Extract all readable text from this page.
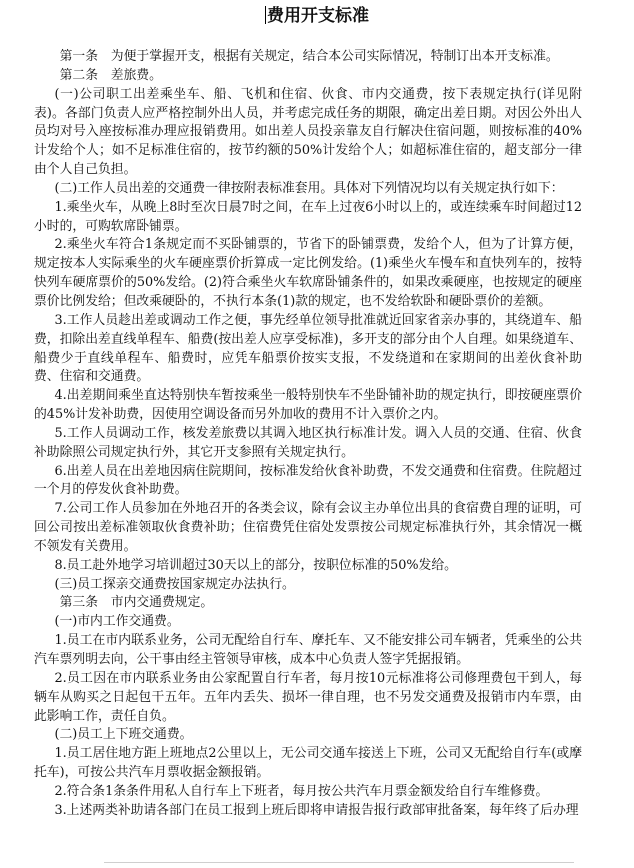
费用开支标准

第一条　为便于掌握开支，根据有关规定，结合本公司实际情况，特制订出本开支标准。

第二条　差旅费。

(一)公司职工出差乘坐车、船、飞机和住宿、伙食、市内交通费，按下表规定执行(详见附表)。各部门负责人应严格控制外出人员，并考虑完成任务的期限，确定出差日期。对因公外出人员均对号入座按标准办理应报销费用。如出差人员投亲靠友自行解决住宿问题，则按标准的40%计发给个人；如不足标准住宿的，按节约额的50%计发给个人；如超标准住宿的，超支部分一律由个人自己负担。

(二)工作人员出差的交通费一律按附表标准套用。具体对下列情况均以有关规定执行如下：

1.乘坐火车，从晚上8时至次日晨7时之间，在车上过夜6小时以上的，或连续乘车时间超过12小时的，可购软席卧铺票。

2.乘坐火车符合1条规定而不买卧铺票的，节省下的卧铺票费，发给个人，但为了计算方便，规定按本人实际乘坐的火车硬座票价折算成一定比例发给。(1)乘坐火车慢车和直快列车的，按特快列车硬席票价的50%发给。(2)符合乘坐火车软席卧铺条件的，如果改乘硬座，也按规定的硬座票价比例发给；但改乘硬卧的，不执行本条(1)款的规定，也不发给软卧和硬卧票价的差额。

3.工作人员趁出差或调动工作之便，事先经单位领导批准就近回家省亲办事的，其绕道车、船费，扣除出差直线单程车、船费(按出差人应享受标准)，多开支的部分由个人自理。如果绕道车、船费少于直线单程车、船费时，应凭车船票价按实支报，不发绕道和在家期间的出差伙食补助费、住宿和交通费。

4.出差期间乘坐直达特别快车暂按乘坐一般特别快车不坐卧铺补助的规定执行，即按硬座票价的45%计发补助费，因使用空调设备而另外加收的费用不计入票价之内。

5.工作人员调动工作，核发差旅费以其调入地区执行标准计发。调入人员的交通、住宿、伙食补助除照公司规定执行外，其它开支参照有关规定执行。

6.出差人员在出差地因病住院期间，按标准发给伙食补助费，不发交通费和住宿费。住院超过一个月的停发伙食补助费。

7.公司工作人员参加在外地召开的各类会议，除有会议主办单位出具的食宿费自理的证明，可回公司按出差标准领取伙食费补助；住宿费凭住宿处发票按公司规定标准执行外，其余情况一概不领发有关费用。

8.员工赴外地学习培训超过30天以上的部分，按职位标准的50%发给。

(三)员工探亲交通费按国家规定办法执行。

第三条　市内交通费规定。

(一)市内工作交通费。

1.员工在市内联系业务，公司无配给自行车、摩托车、又不能安排公司车辆者，凭乘坐的公共汽车票列明去向，公干事由经主管领导审核，成本中心负责人签字凭据报销。

2.员工因在市内联系业务由公家配置自行车者，每月按10元标准将公司修理费包干到人，每辆车从购买之日起包干五年。五年内丢失、损坏一律自理，也不另发交通费及报销市内车票，由此影响工作，责任自负。

(二)员工上下班交通费。

1.员工居住地方距上班地点2公里以上，无公司交通车接送上下班，公司又无配给自行车(或摩托车)，可按公共汽车月票收据金额报销。

2.符合条1条条件用私人自行车上下班者，每月按公共汽车月票金额发给自行车维修费。

3.上述两类补助请各部门在员工报到上班后即将申请报告报行政部审批备案，每年终了后办理
